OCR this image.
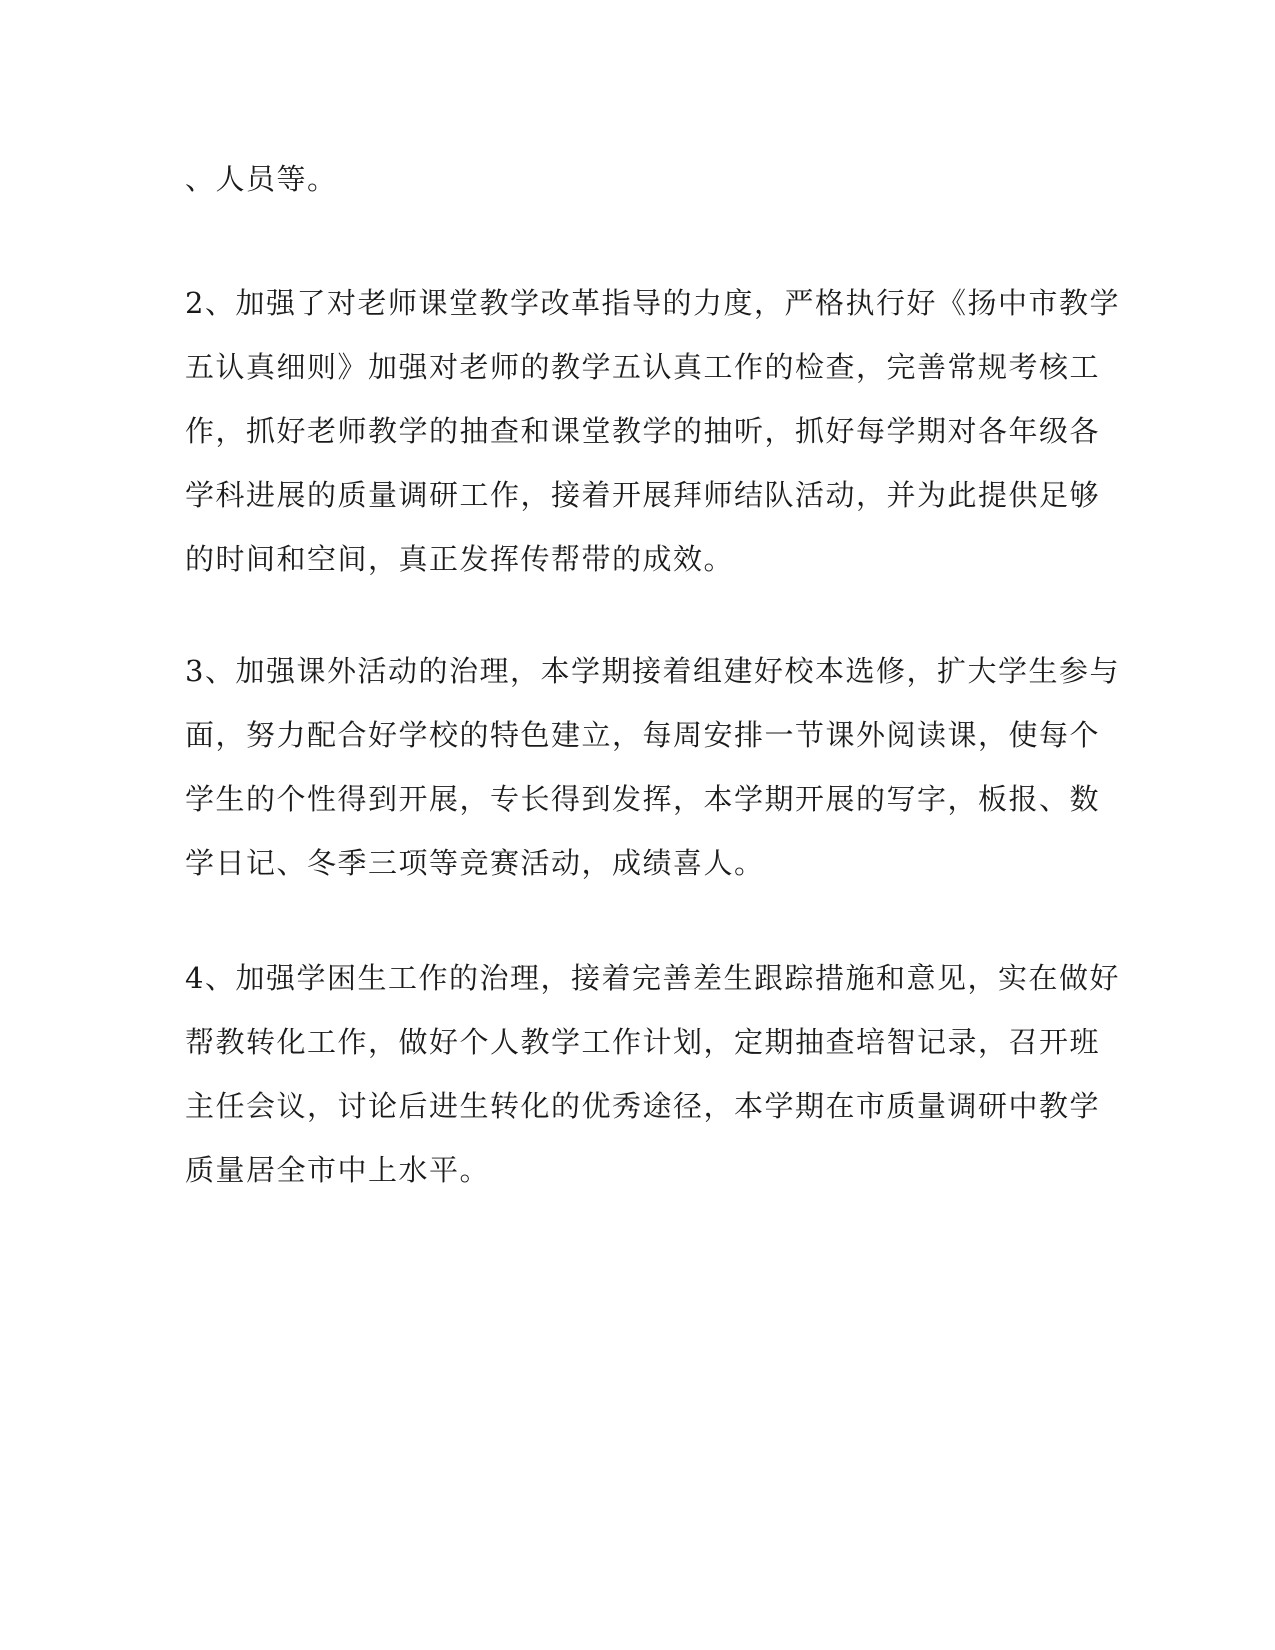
、人员等。
2、加强了对老师课堂教学改革指导的力度，严格执行好《扬中市教学
五认真细则》加强对老师的教学五认真工作的检查，完善常规考核工
作，抓好老师教学的抽查和课堂教学的抽听，抓好每学期对各年级各
学科进展的质量调研工作，接着开展拜师结队活动，并为此提供足够
的时间和空间，真正发挥传帮带的成效。
3、加强课外活动的治理，本学期接着组建好校本选修，扩大学生参与
面，努力配合好学校的特色建立，每周安排一节课外阅读课，使每个
学生的个性得到开展，专长得到发挥，本学期开展的写字，板报、数
学日记、冬季三项等竞赛活动，成绩喜人。
4、加强学困生工作的治理，接着完善差生跟踪措施和意见，实在做好
帮教转化工作，做好个人教学工作计划，定期抽查培智记录，召开班
主任会议，讨论后进生转化的优秀途径，本学期在市质量调研中教学
质量居全市中上水平。
